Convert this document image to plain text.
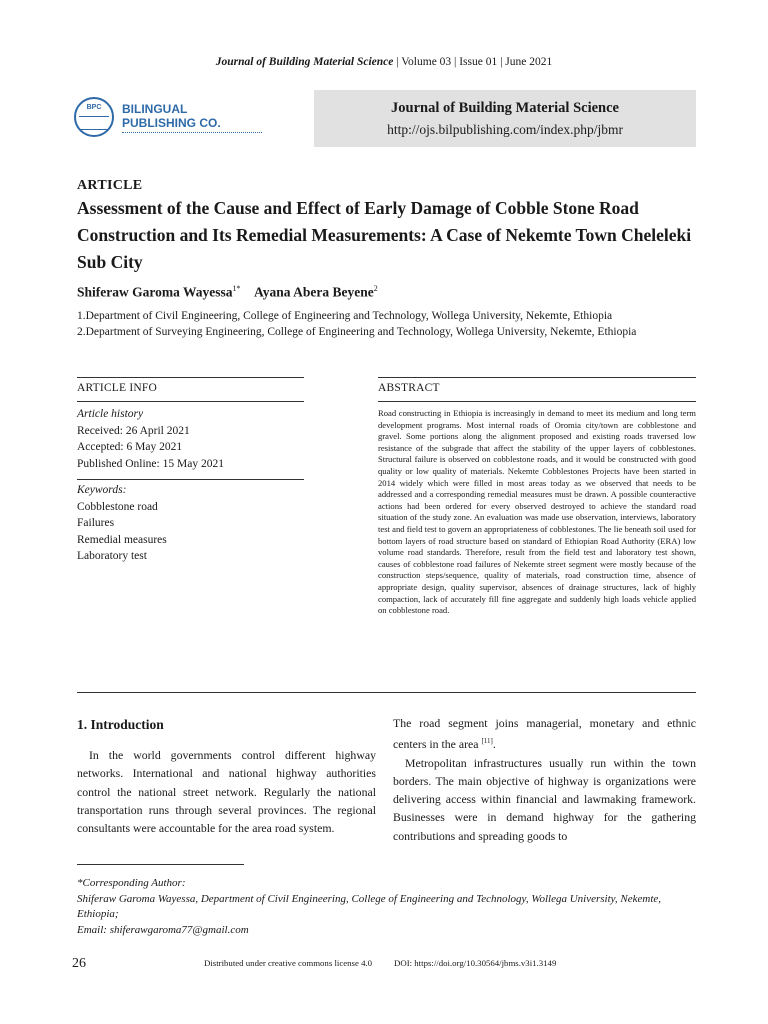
Journal of Building Material Science | Volume 03 | Issue 01 | June 2021
BPC	BILINGUAL
PUBLISHING CO.
Journal of Building Material Science
http://ojs.bilpublishing.com/index.php/jbmr
ARTICLE
Assessment of the Cause and Effect of Early Damage of Cobble Stone Road Construction and Its Remedial Measurements: A Case of Nekemte Town Cheleleki Sub City
Shiferaw Garoma Wayessa$^{1*}$ Ayana Abera Beyene$^2$
1.Department of Civil Engineering, College of Engineering and Technology, Wollega University, Nekemte, Ethiopia
2.Department of Surveying Engineering, College of Engineering and Technology, Wollega University, Nekemte, Ethiopia
ARTICLE INFO
Article history
Received: 26 April 2021
Accepted: 6 May 2021
Published Online: 15 May 2021
Keywords:
Cobblestone road
Failures
Remedial measures
Laboratory test
ABSTRACT
Road constructing in Ethiopia is increasingly in demand to meet its medium and long term development programs. Most internal roads of Oromia city/town are cobblestone and gravel. Some portions along the alignment proposed and existing roads traversed low resistance of the subgrade that affect the stability of the upper layers of cobblestones. Structural failure is observed on cobblestone roads, and it would be constructed with good quality or low quality of materials. Nekemte Cobblestones Projects have been started in 2014 widely which were filled in most areas today as we observed that needs to be addressed and a corresponding remedial measures must be drawn. A possible counteractive actions had been ordered for every observed destroyed to achieve the standard road situation of the study zone. An evaluation was made use observation, interviews, laboratory test and field test to govern an appropriateness of cobblestones. The lie beneath soil used for bottom layers of road structure based on standard of Ethiopian Road Authority (ERA) low volume road standards. Therefore, result from the field test and laboratory test shown, causes of cobblestone road failures of Nekemte street segment were mostly because of the construction steps/sequence, quality of materials, road construction time, absence of appropriate design, quality supervisor, absences of drainage structures, lack of highly compaction, lack of accurately fill fine aggregate and suddenly high loads vehicle applied on cobblestone road.
1. Introduction
In the world governments control different highway networks. International and national highway authorities control the national street network. Regularly the national transportation runs through several provinces. The regional consultants were accountable for the area road system.

The road segment joins managerial, monetary and ethnic centers in the area [11].

Metropolitan infrastructures usually run within the town borders. The main objective of highway is organizations were delivering access within financial and lawmaking framework. Businesses were in demand highway for the gathering contributions and spreading goods to

*Corresponding Author:
Shiferaw Garoma Wayessa, Department of Civil Engineering, College of Engineering and Technology, Wollega University, Nekemte, Ethiopia;
Email: shiferawgaroma77@gmail.com
26	Distributed under creative commons license 4.0 DOI: https://doi.org/10.30564/jbms.v3i1.3149
